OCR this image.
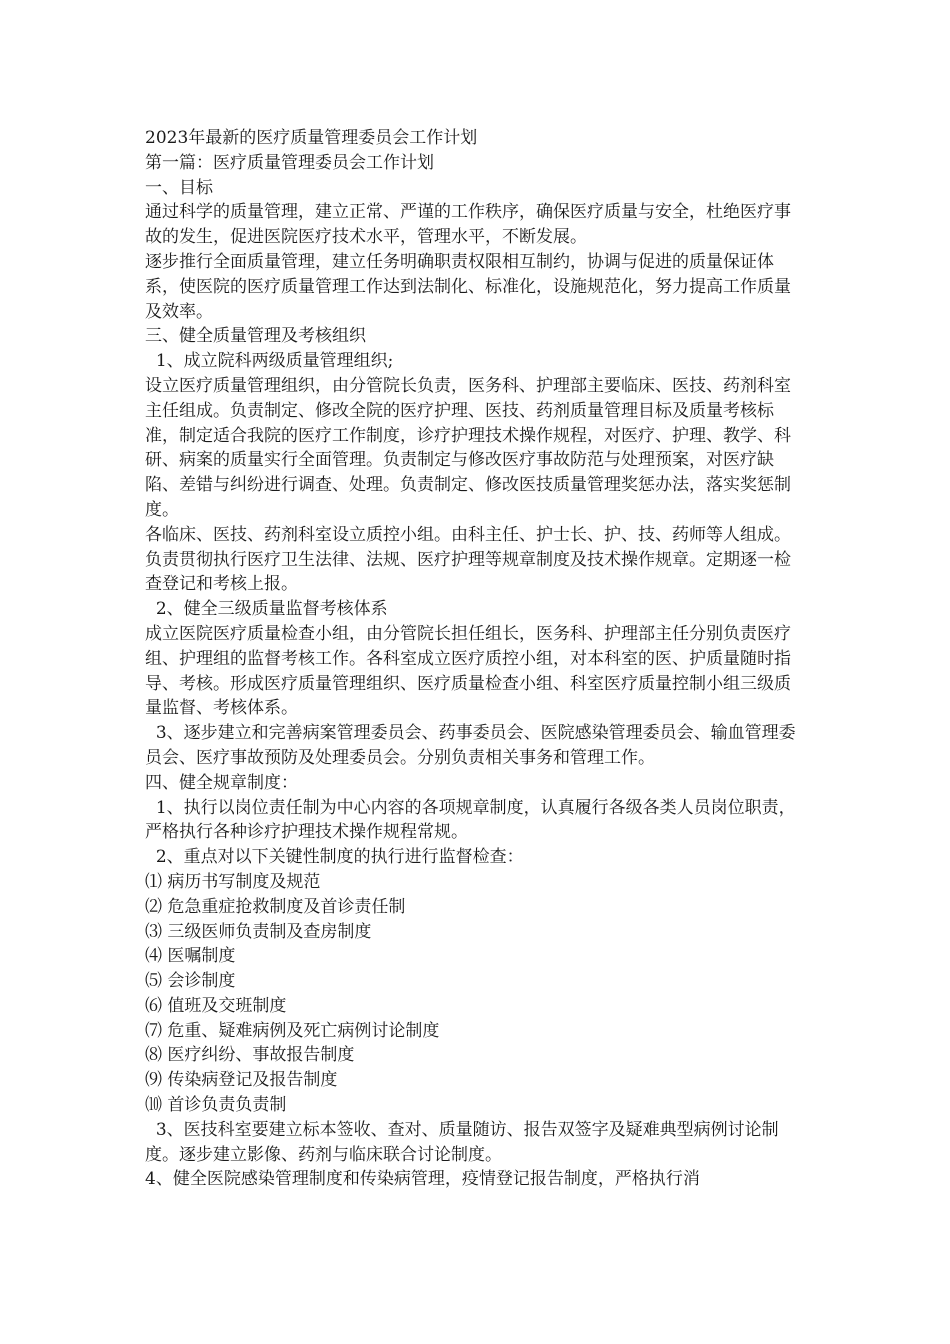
2023年最新的医疗质量管理委员会工作计划

第一篇：医疗质量管理委员会工作计划

一、目标

通过科学的质量管理，建立正常、严谨的工作秩序，确保医疗质量与安全，杜绝医疗事故的发生，促进医院医疗技术水平，管理水平，不断发展。

逐步推行全面质量管理，建立任务明确职责权限相互制约，协调与促进的质量保证体系，使医院的医疗质量管理工作达到法制化、标准化，设施规范化，努力提高工作质量及效率。

三、健全质量管理及考核组织

1、成立院科两级质量管理组织;

设立医疗质量管理组织，由分管院长负责，医务科、护理部主要临床、医技、药剂科室主任组成。负责制定、修改全院的医疗护理、医技、药剂质量管理目标及质量考核标准，制定适合我院的医疗工作制度，诊疗护理技术操作规程，对医疗、护理、教学、科研、病案的质量实行全面管理。负责制定与修改医疗事故防范与处理预案，对医疗缺陷、差错与纠纷进行调查、处理。负责制定、修改医技质量管理奖惩办法，落实奖惩制度。

各临床、医技、药剂科室设立质控小组。由科主任、护士长、护、技、药师等人组成。负责贯彻执行医疗卫生法律、法规、医疗护理等规章制度及技术操作规章。定期逐一检查登记和考核上报。

2、健全三级质量监督考核体系

成立医院医疗质量检查小组，由分管院长担任组长，医务科、护理部主任分别负责医疗组、护理组的监督考核工作。各科室成立医疗质控小组，对本科室的医、护质量随时指导、考核。形成医疗质量管理组织、医疗质量检查小组、科室医疗质量控制小组三级质量监督、考核体系。

3、逐步建立和完善病案管理委员会、药事委员会、医院感染管理委员会、输血管理委员会、医疗事故预防及处理委员会。分别负责相关事务和管理工作。

四、健全规章制度：

1、执行以岗位责任制为中心内容的各项规章制度，认真履行各级各类人员岗位职责，严格执行各种诊疗护理技术操作规程常规。

2、重点对以下关键性制度的执行进行监督检查：

⑴ 病历书写制度及规范

⑵ 危急重症抢救制度及首诊责任制

⑶ 三级医师负责制及查房制度

⑷ 医嘱制度

⑸ 会诊制度

⑹ 值班及交班制度

⑺ 危重、疑难病例及死亡病例讨论制度

⑻ 医疗纠纷、事故报告制度

⑼ 传染病登记及报告制度

⑽ 首诊负责负责制

3、医技科室要建立标本签收、查对、质量随访、报告双签字及疑难典型病例讨论制度。逐步建立影像、药剂与临床联合讨论制度。

4、健全医院感染管理制度和传染病管理，疫情登记报告制度，严格执行消
